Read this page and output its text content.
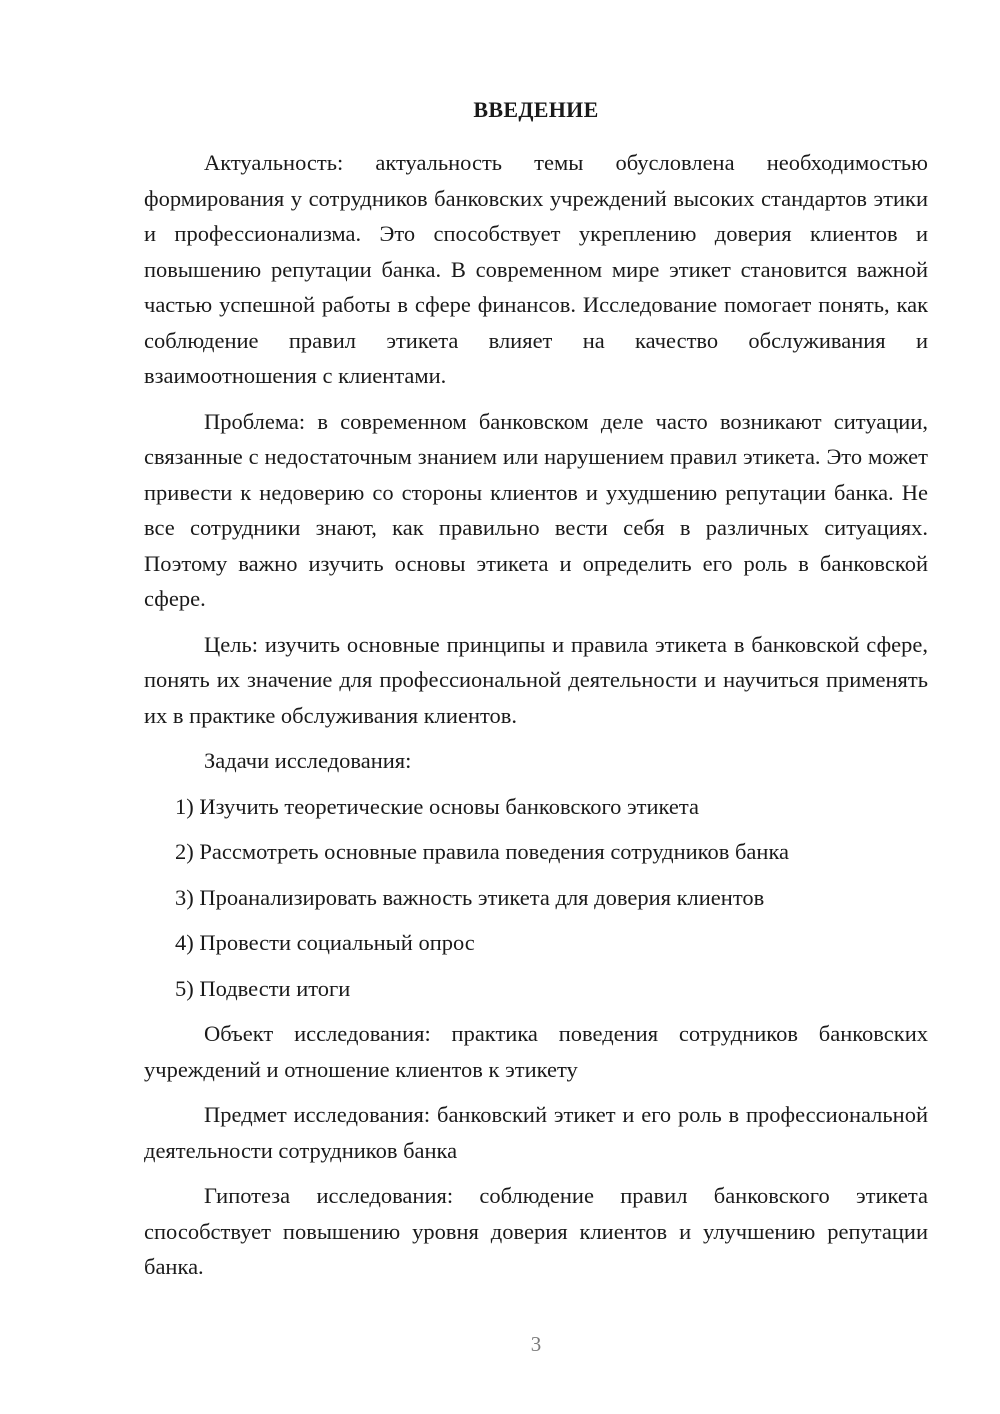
ВВЕДЕНИЕ

Актуальность: актуальность темы обусловлена необходимостью формирования у сотрудников банковских учреждений высоких стандартов этики и профессионализма. Это способствует укреплению доверия клиентов и повышению репутации банка. В современном мире этикет становится важной частью успешной работы в сфере финансов. Исследование помогает понять, как соблюдение правил этикета влияет на качество обслуживания и взаимоотношения с клиентами.

Проблема: в современном банковском деле часто возникают ситуации, связанные с недостаточным знанием или нарушением правил этикета. Это может привести к недоверию со стороны клиентов и ухудшению репутации банка. Не все сотрудники знают, как правильно вести себя в различных ситуациях. Поэтому важно изучить основы этикета и определить его роль в банковской сфере.

Цель: изучить основные принципы и правила этикета в банковской сфере, понять их значение для профессиональной деятельности и научиться применять их в практике обслуживания клиентов.

Задачи исследования:

1) Изучить теоретические основы банковского этикета
2) Рассмотреть основные правила поведения сотрудников банка
3) Проанализировать важность этикета для доверия клиентов
4) Провести социальный опрос
5) Подвести итоги

Объект исследования: практика поведения сотрудников банковских учреждений и отношение клиентов к этикету

Предмет исследования: банковский этикет и его роль в профессиональной деятельности сотрудников банка

Гипотеза исследования: соблюдение правил банковского этикета способствует повышению уровня доверия клиентов и улучшению репутации банка.

3
